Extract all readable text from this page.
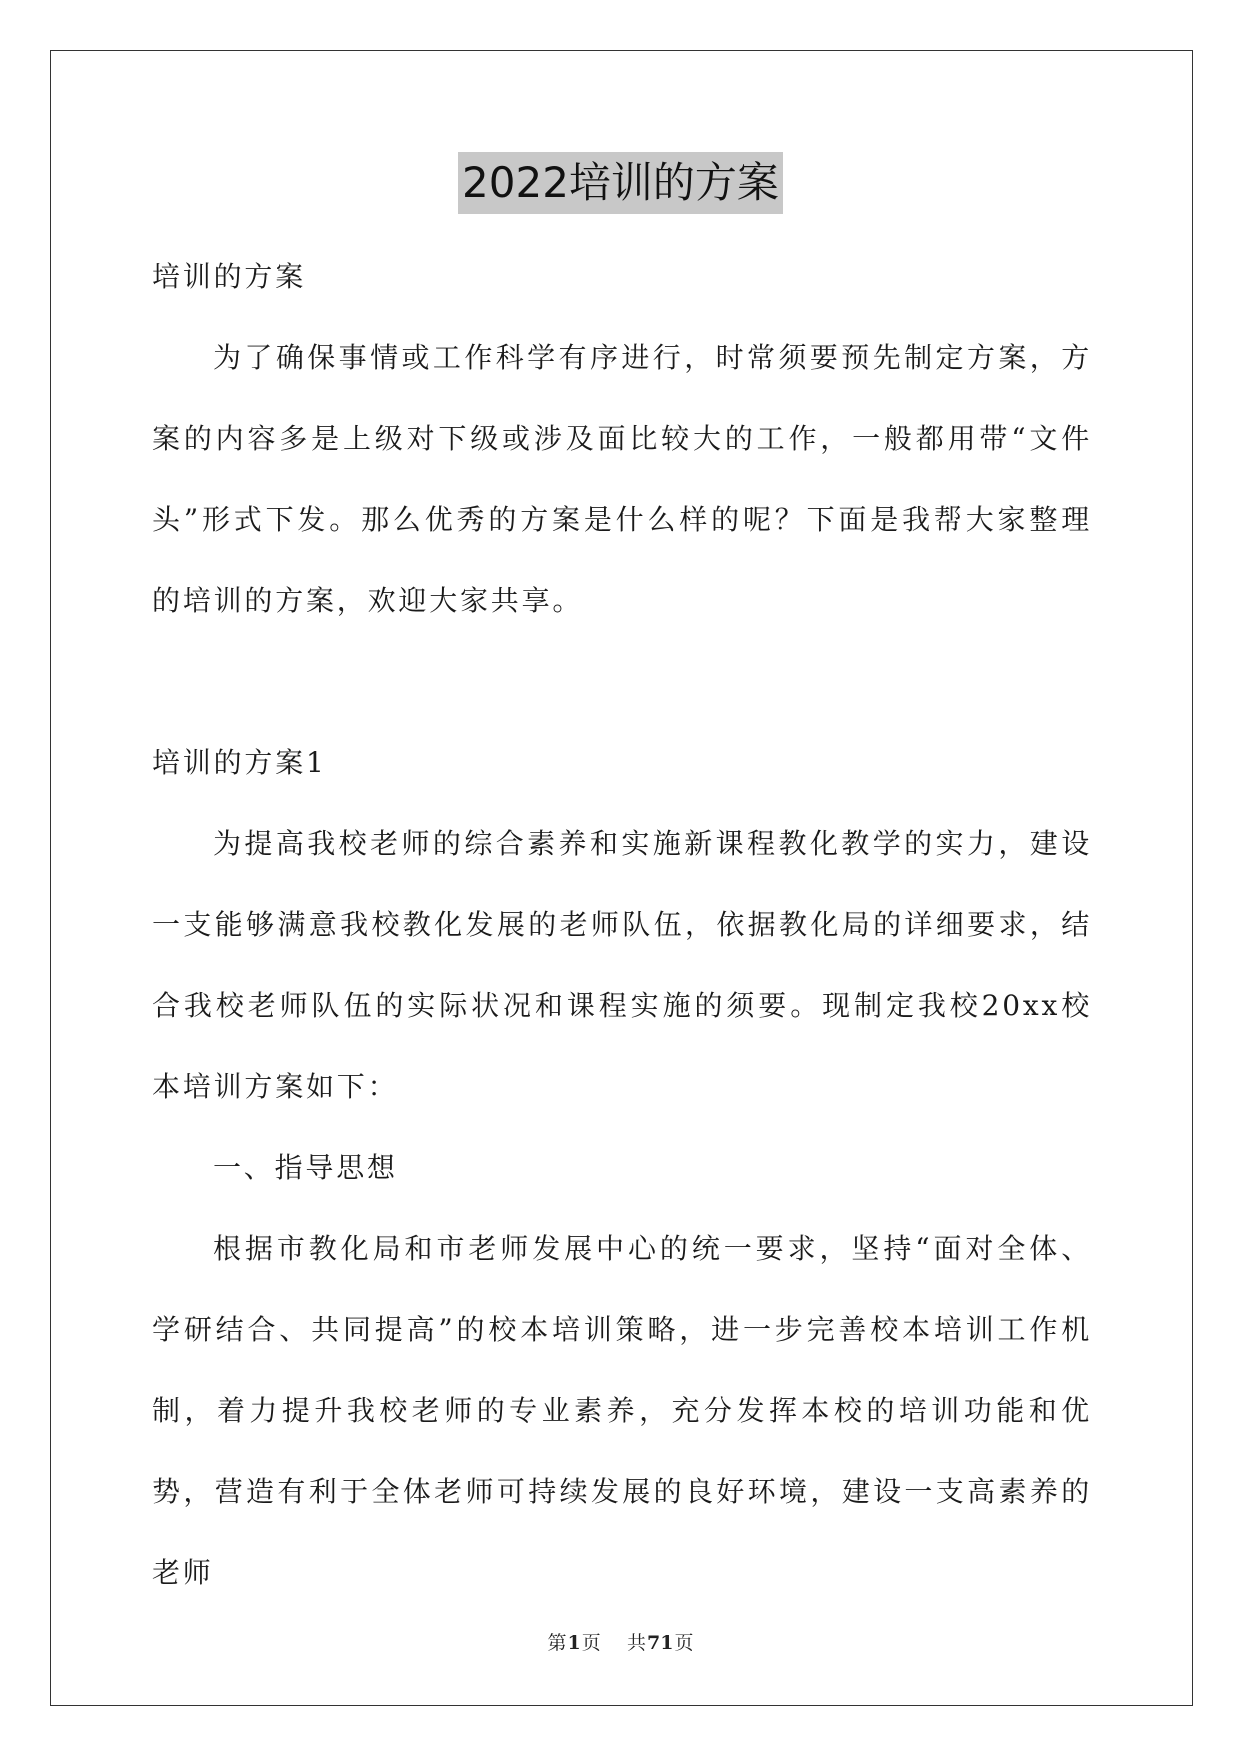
2022培训的方案

培训的方案

为了确保事情或工作科学有序进行，时常须要预先制定方案，方案的内容多是上级对下级或涉及面比较大的工作，一般都用带“文件头”形式下发。那么优秀的方案是什么样的呢？下面是我帮大家整理的培训的方案，欢迎大家共享。

培训的方案1

为提高我校老师的综合素养和实施新课程教化教学的实力，建设一支能够满意我校教化发展的老师队伍，依据教化局的详细要求，结合我校老师队伍的实际状况和课程实施的须要。现制定我校20xx校本培训方案如下：

一、指导思想

根据市教化局和市老师发展中心的统一要求，坚持“面对全体、学研结合、共同提高”的校本培训策略，进一步完善校本培训工作机制，着力提升我校老师的专业素养，充分发挥本校的培训功能和优势，营造有利于全体老师可持续发展的良好环境，建设一支高素养的老师

第1页 共71页
